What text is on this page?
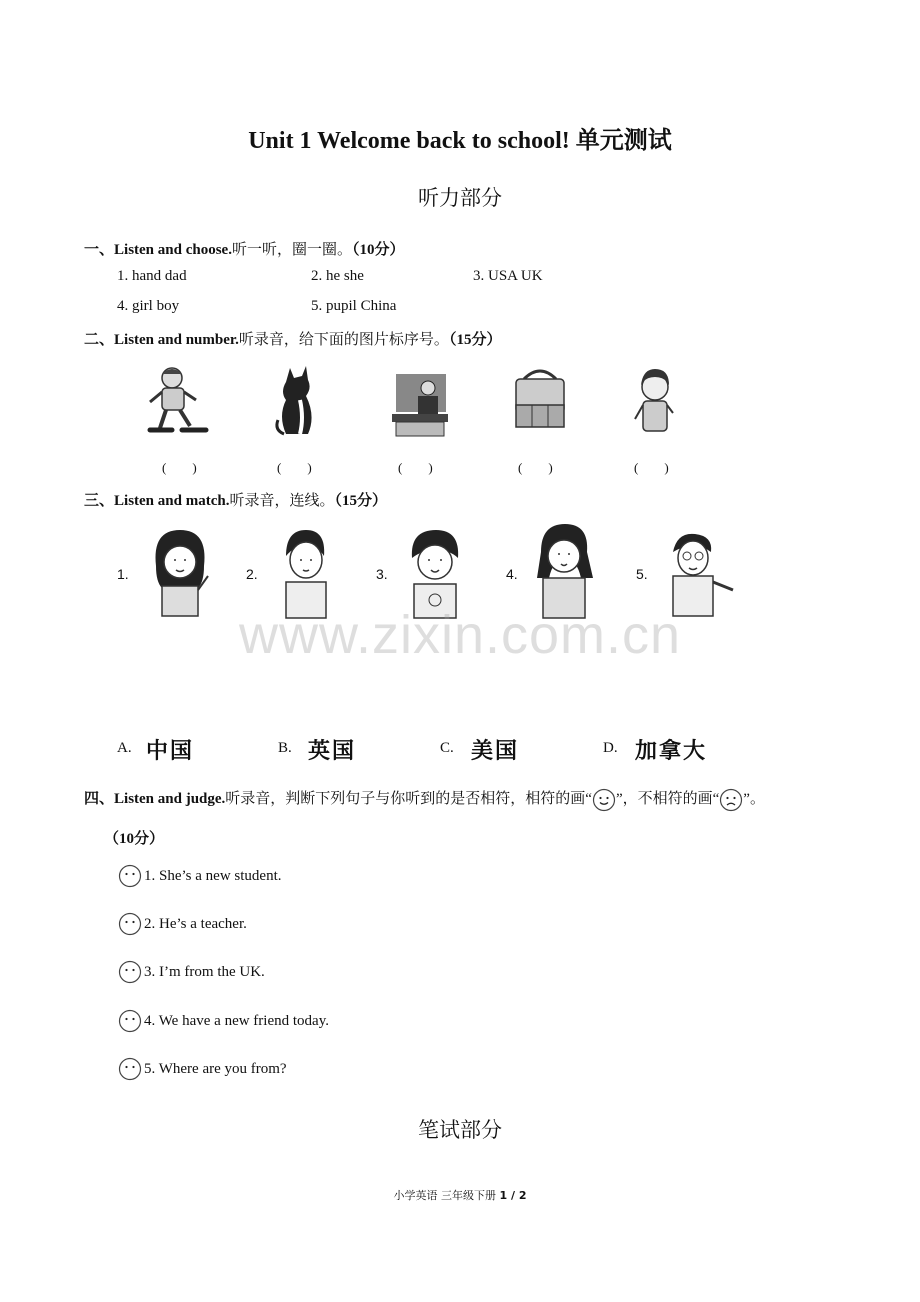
Unit 1 Welcome back to school! 单元测试
听力部分
一、Listen and choose.听一听，圈一圈。（10分）
1. hand dad	2. he she	3. USA UK
4. girl boy	5. pupil China
二、Listen and number.听录音，给下面的图片标序号。（15分）
(　　)	(　　)	(　　)	(　　)	(　　)
三、Listen and match.听录音，连线。（15分）
1.	2.	3.	4.	5.
www.zixin.com.cn
A. 中国	B. 英国	C. 美国	D. 加拿大
四、Listen and judge.听录音，判断下列句子与你听到的是否相符，相符的画“ ”，不相符的画“ ”。
（10分）
1. She’s a new student.
2. He’s a teacher.
3. I’m from the UK.
4. We have a new friend today.
5. Where are you from?
笔试部分
小学英语 三年级下册 1 / 2
